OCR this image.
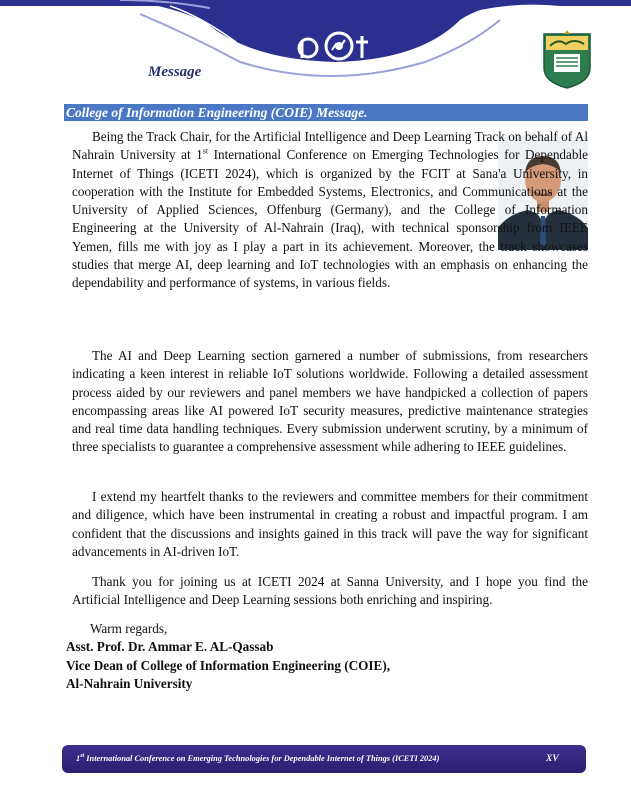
Message	ICETI 2024
College of Information Engineering (COIE) Message.

Being the Track Chair, for the Artificial Intelligence and Deep Learning Track on behalf of Al Nahrain University at 1st International Conference on Emerging Technologies for Dependable Internet of Things (ICETI 2024), which is organized by the FCIT at Sana'a University, in cooperation with the Institute for Embedded Systems, Electronics, and Communications at the University of Applied Sciences, Offenburg (Germany), and the College of Information Engineering at the University of Al-Nahrain (Iraq), with technical sponsorship from IEEE Yemen, fills me with joy as I play a part in its achievement. Moreover, the track showcases studies that merge AI, deep learning and IoT technologies with an emphasis on enhancing the dependability and performance of systems, in various fields.

The AI and Deep Learning section garnered a number of submissions, from researchers indicating a keen interest in reliable IoT solutions worldwide. Following a detailed assessment process aided by our reviewers and panel members we have handpicked a collection of papers encompassing areas like AI powered IoT security measures, predictive maintenance strategies and real time data handling techniques. Every submission underwent scrutiny, by a minimum of three specialists to guarantee a comprehensive assessment while adhering to IEEE guidelines.

I extend my heartfelt thanks to the reviewers and committee members for their commitment and diligence, which have been instrumental in creating a robust and impactful program. I am confident that the discussions and insights gained in this track will pave the way for significant advancements in AI-driven IoT.

Thank you for joining us at ICETI 2024 at Sanna University, and I hope you find the Artificial Intelligence and Deep Learning sessions both enriching and inspiring.

Warm regards,
Asst. Prof. Dr. Ammar E. AL-Qassab
Vice Dean of College of Information Engineering (COIE),
Al-Nahrain University
1st International Conference on Emerging Technologies for Dependable Internet of Things (ICETI 2024)	XV
